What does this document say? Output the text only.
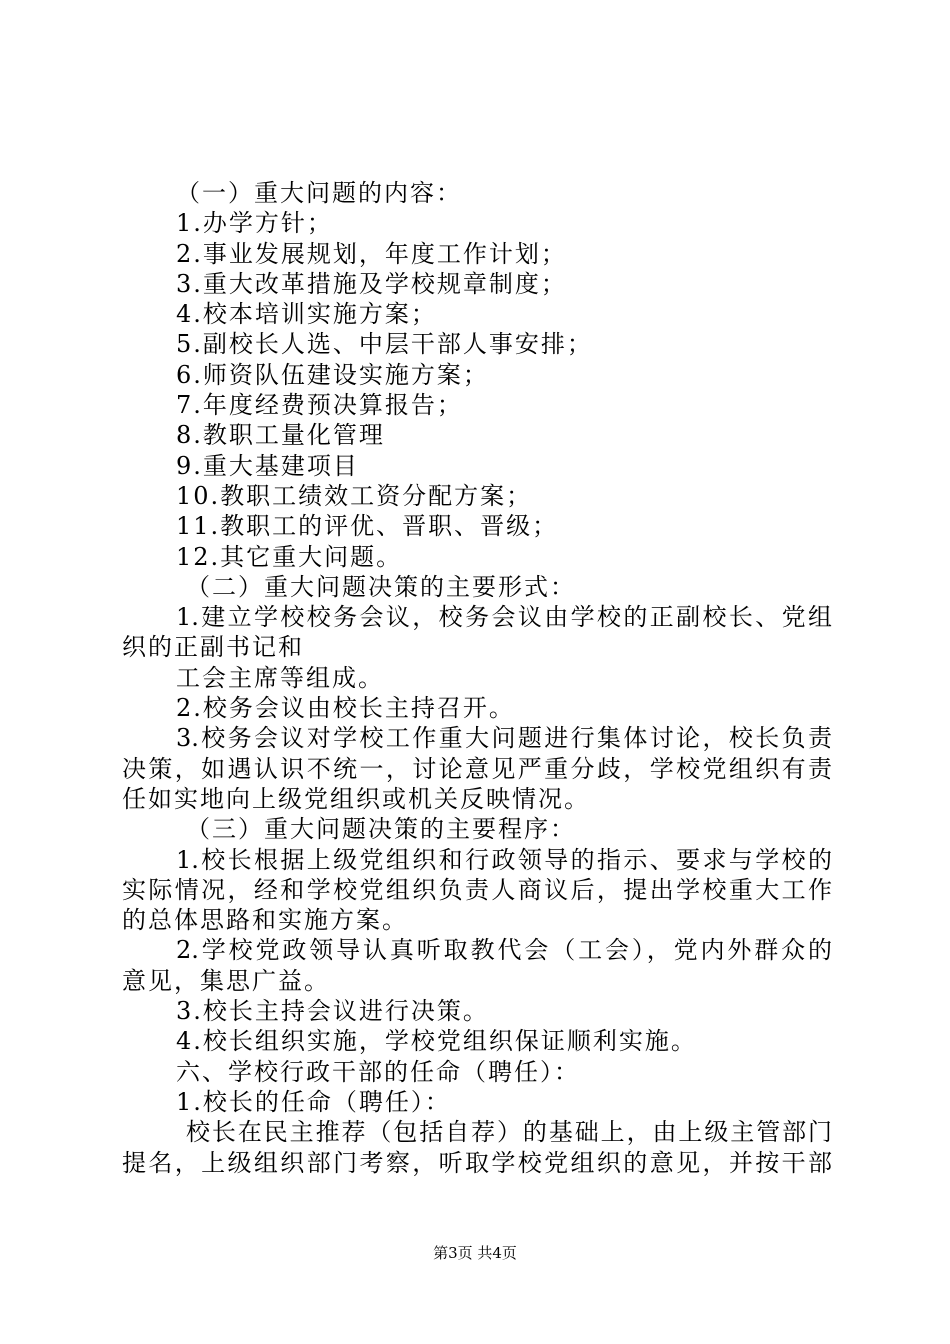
（一）重大问题的内容：
1.办学方针；
2.事业发展规划，年度工作计划；
3.重大改革措施及学校规章制度；
4.校本培训实施方案；
5.副校长人选、中层干部人事安排；
6.师资队伍建设实施方案；
7.年度经费预决算报告；
8.教职工量化管理
9.重大基建项目
10.教职工绩效工资分配方案；
11.教职工的评优、晋职、晋级；
12.其它重大问题。
（二）重大问题决策的主要形式：
1.建立学校校务会议，校务会议由学校的正副校长、党组
织的正副书记和
工会主席等组成。
2.校务会议由校长主持召开。
3.校务会议对学校工作重大问题进行集体讨论，校长负责
决策，如遇认识不统一，讨论意见严重分歧，学校党组织有责
任如实地向上级党组织或机关反映情况。
（三）重大问题决策的主要程序：
1.校长根据上级党组织和行政领导的指示、要求与学校的
实际情况，经和学校党组织负责人商议后，提出学校重大工作
的总体思路和实施方案。
2.学校党政领导认真听取教代会（工会），党内外群众的
意见，集思广益。
3.校长主持会议进行决策。
4.校长组织实施，学校党组织保证顺利实施。
六、学校行政干部的任命（聘任）：
1.校长的任命（聘任）：
校长在民主推荐（包括自荐）的基础上，由上级主管部门
提名，上级组织部门考察，听取学校党组织的意见，并按干部
第3页 共4页
